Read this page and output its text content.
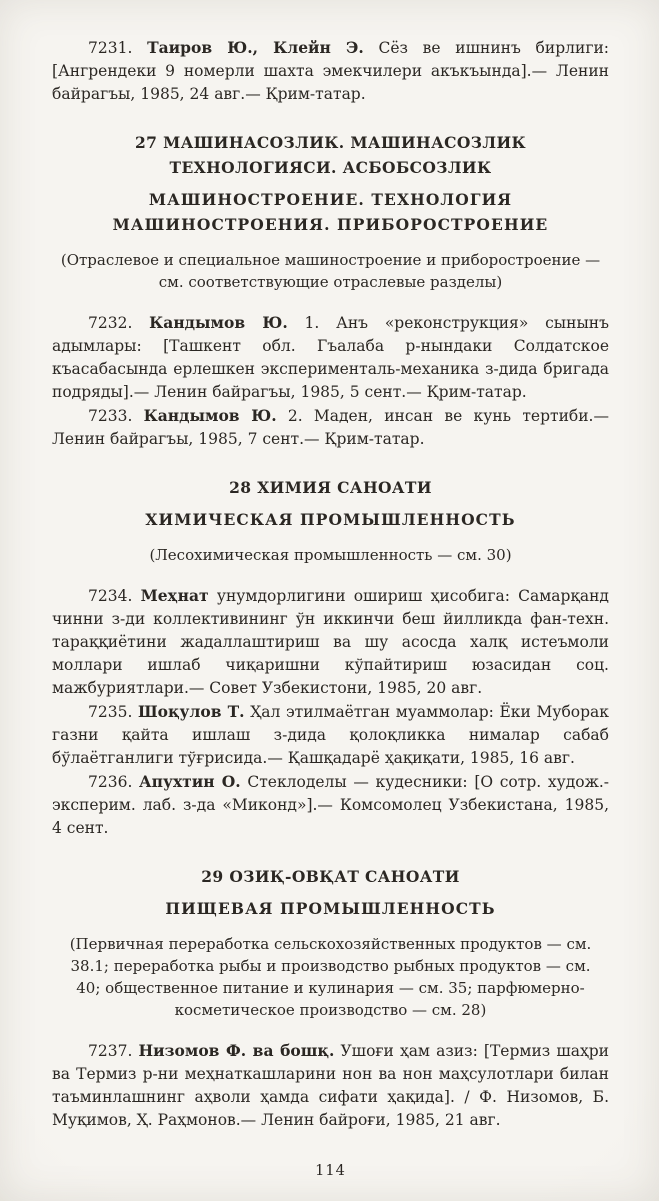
7231. Таиров Ю., Клейн Э. Сёз ве ишнинъ бирлиги: [Ангрендеки 9 номерли шахта эмекчилери акъкъында].— Ленин байрагъы, 1985, 24 авг.— Қрим-татар.

27 МАШИНАСОЗЛИК. МАШИНАСОЗЛИК ТЕХНОЛОГИЯСИ. АСБОБСОЗЛИК
МАШИНОСТРОЕНИЕ. ТЕХНОЛОГИЯ МАШИНОСТРОЕНИЯ. ПРИБОРОСТРОЕНИЕ
(Отраслевое и специальное машиностроение и приборостроение — см. соответствующие отраслевые разделы)

7232. Кандымов Ю. 1. Анъ «реконструкция» сынынъ адымлары: [Ташкент обл. Гъалаба р-нындаки Солдатское къасабасында ерлешкен эксперименталь-механика з-дида бригада подряды].— Ленин байрагъы, 1985, 5 сент.— Қрим-татар.

7233. Кандымов Ю. 2. Маден, инсан ве кунь тертиби.— Ленин байрагъы, 1985, 7 сент.— Қрим-татар.

28 ХИМИЯ САНОАТИ
ХИМИЧЕСКАЯ ПРОМЫШЛЕННОСТЬ
(Лесохимическая промышленность — см. 30)

7234. Меҳнат унумдорлигини ошириш ҳисобига: Самарқанд чинни з-ди коллективининг ўн иккинчи беш йилликда фан-техн. тараққиётини жадаллаштириш ва шу асосда халқ истеъмоли моллари ишлаб чиқаришни кўпайтириш юзасидан соц. мажбуриятлари.— Совет Узбекистони, 1985, 20 авг.

7235. Шоқулов Т. Ҳал этилмаётган муаммолар: Ёки Муборак газни қайта ишлаш з-дида қолоқликка нималар сабаб бўлаётганлиги тўғрисида.— Қашқадарё ҳақиқати, 1985, 16 авг.

7236. Апухтин О. Стеклоделы — кудесники: [О сотр. худож.-эксперим. лаб. з-да «Миконд»].— Комсомолец Узбекистана, 1985, 4 сент.

29 ОЗИҚ-ОВҚАТ САНОАТИ
ПИЩЕВАЯ ПРОМЫШЛЕННОСТЬ
(Первичная переработка сельскохозяйственных продуктов — см. 38.1; переработка рыбы и производство рыбных продуктов — см. 40; общественное питание и кулинария — см. 35; парфюмерно-косметическое производство — см. 28)

7237. Низомов Ф. ва бошқ. Ушоғи ҳам азиз: [Термиз шаҳри ва Термиз р-ни меҳнаткашларини нон ва нон маҳсулотлари билан таъминлашнинг аҳволи ҳамда сифати ҳақида]. / Ф. Низомов, Б. Муқимов, Ҳ. Раҳмонов.— Ленин байроғи, 1985, 21 авг.

114
